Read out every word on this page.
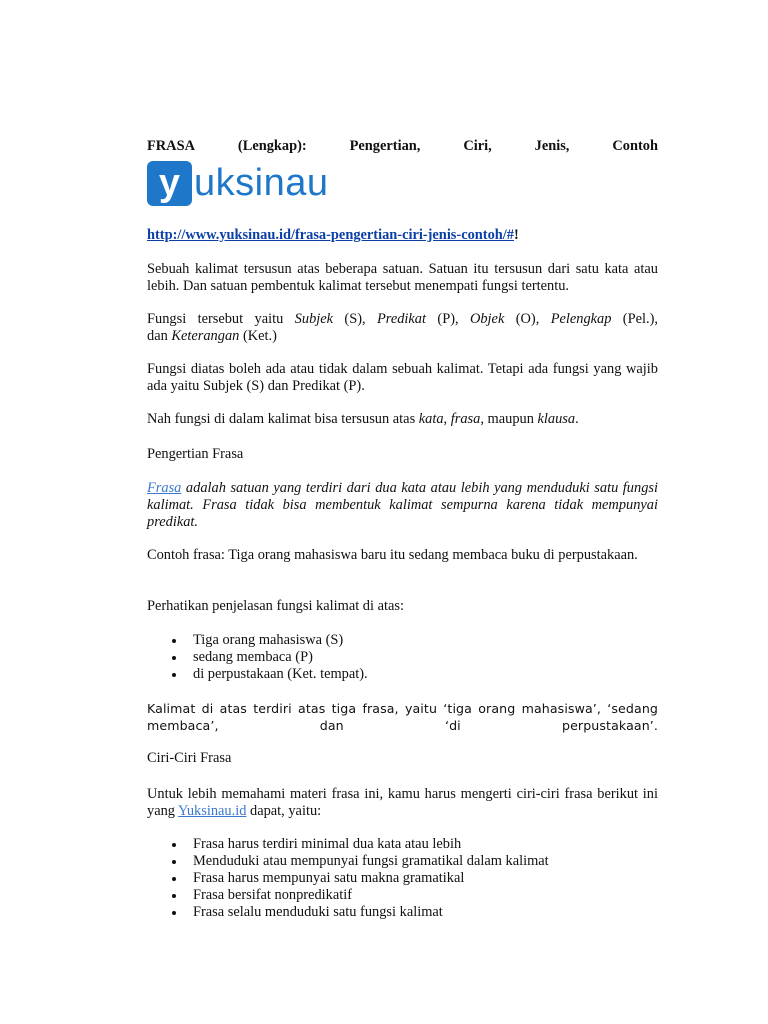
FRASA	(Lengkap):	Pengertian,	Ciri,	Jenis,	Contoh
y uksinau

http://www.yuksinau.id/frasa-pengertian-ciri-jenis-contoh/#!

Sebuah kalimat tersusun atas beberapa satuan. Satuan itu tersusun dari satu kata atau lebih. Dan satuan pembentuk kalimat tersebut menempati fungsi tertentu.

Fungsi tersebut yaitu Subjek (S), Predikat (P), Objek (O), Pelengkap (Pel.),
dan Keterangan (Ket.)

Fungsi diatas boleh ada atau tidak dalam sebuah kalimat. Tetapi ada fungsi yang wajib ada yaitu Subjek (S) dan Predikat (P).

Nah fungsi di dalam kalimat bisa tersusun atas kata, frasa, maupun klausa.

Pengertian Frasa

Frasa adalah satuan yang terdiri dari dua kata atau lebih yang menduduki satu fungsi kalimat. Frasa tidak bisa membentuk kalimat sempurna karena tidak mempunyai predikat.

Contoh frasa: Tiga orang mahasiswa baru itu sedang membaca buku di perpustakaan.

Perhatikan penjelasan fungsi kalimat di atas:

Tiga orang mahasiswa (S)
sedang membaca (P)
di perpustakaan (Ket. tempat).

Kalimat di atas terdiri atas tiga frasa, yaitu ‘tiga orang mahasiswa’, ‘sedang membaca’, dan ‘di perpustakaan’.

Ciri-Ciri Frasa

Untuk lebih memahami materi frasa ini, kamu harus mengerti ciri-ciri frasa berikut ini yang Yuksinau.id dapat, yaitu:

Frasa harus terdiri minimal dua kata atau lebih
Menduduki atau mempunyai fungsi gramatikal dalam kalimat
Frasa harus mempunyai satu makna gramatikal
Frasa bersifat nonpredikatif
Frasa selalu menduduki satu fungsi kalimat
